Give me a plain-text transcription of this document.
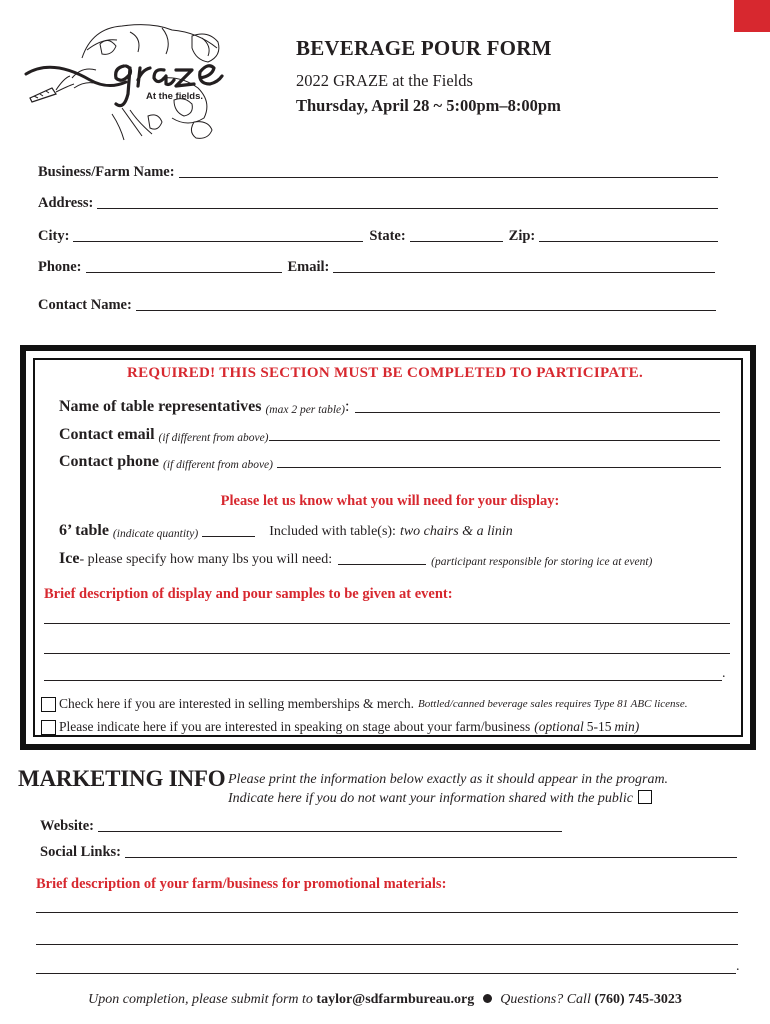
At the fields.
BEVERAGE POUR FORM
2022 GRAZE at the Fields
Thursday, April 28 ~ 5:00pm–8:00pm
Business/Farm Name:
Address:
City:	State:	Zip:
Phone:	Email:
Contact Name:
REQUIRED! THIS SECTION MUST BE COMPLETED TO PARTICIPATE.
Name of table representatives (max 2 per table) :
Contact email (if different from above)
Contact phone (if different from above)
Please let us know what you will need for your display:
6’ table (indicate quantity)	Included with table(s): two chairs & a linin
Ice - please specify how many lbs you will need:	(participant responsible for storing ice at event)
Brief description of display and pour samples to be given at event:
.
Check here if you are interested in selling memberships & merch. Bottled/canned beverage sales requires Type 81 ABC license.
Please indicate here if you are interested in speaking on stage about your farm/business (optional 5-15 min)
MARKETING INFO Please print the information below exactly as it should appear in the program.
Indicate here if you do not want your information shared with the public
Website:
Social Links:
Brief description of your farm/business for promotional materials:
.
Upon completion, please submit form to taylor@sdfarmbureau.org Questions? Call (760) 745-3023
